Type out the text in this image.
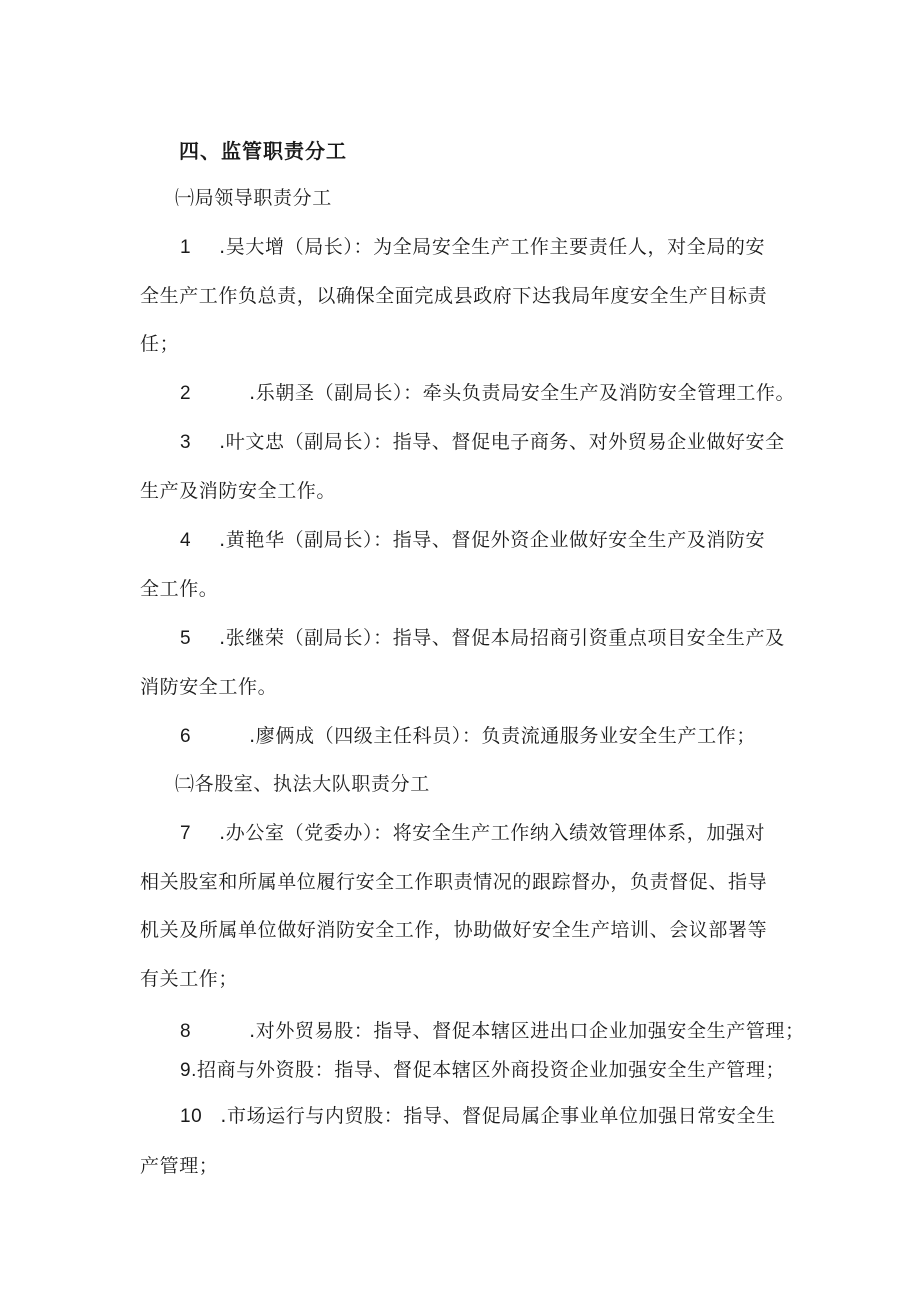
四、监管职责分工
㈠局领导职责分工
1 .吴大增（局长）：为全局安全生产工作主要责任人，对全局的安
全生产工作负总责，以确保全面完成县政府下达我局年度安全生产目标责
任；
2	.乐朝圣（副局长）：牵头负责局安全生产及消防安全管理工作。
3 .叶文忠（副局长）：指导、督促电子商务、对外贸易企业做好安全
生产及消防安全工作。
4 .黄艳华（副局长）：指导、督促外资企业做好安全生产及消防安
全工作。
5 .张继荣（副局长）：指导、督促本局招商引资重点项目安全生产及
消防安全工作。
6	.廖俩成（四级主任科员）：负责流通服务业安全生产工作；
㈡各股室、执法大队职责分工
7 .办公室（党委办）：将安全生产工作纳入绩效管理体系，加强对
相关股室和所属单位履行安全工作职责情况的跟踪督办，负责督促、指导
机关及所属单位做好消防安全工作，协助做好安全生产培训、会议部署等
有关工作；
8	.对外贸易股：指导、督促本辖区进出口企业加强安全生产管理；
9.招商与外资股：指导、督促本辖区外商投资企业加强安全生产管理；
10 .市场运行与内贸股：指导、督促局属企事业单位加强日常安全生
产管理；
